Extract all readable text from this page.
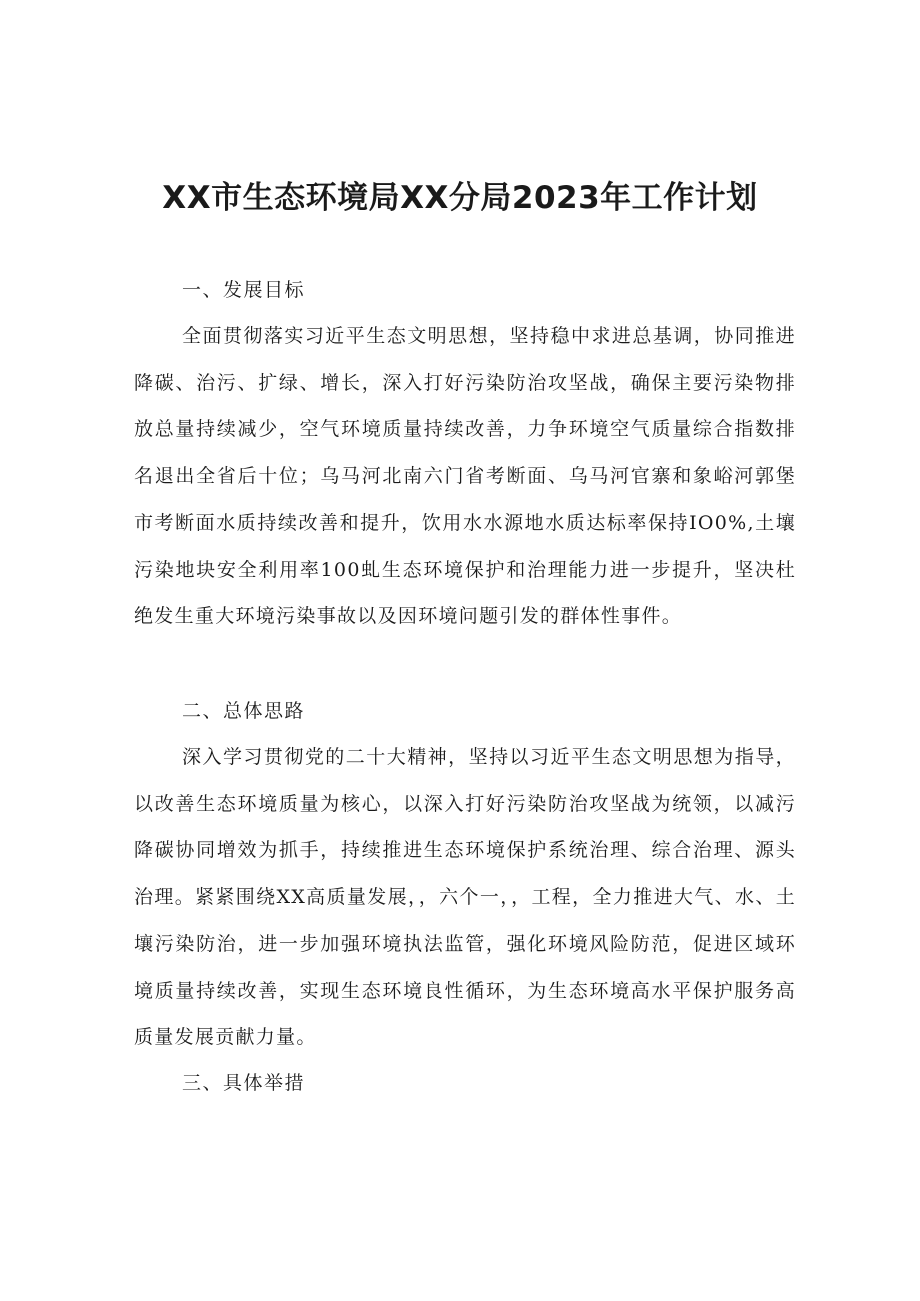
XX市生态环境局XX分局2023年工作计划

一、发展目标

全面贯彻落实习近平生态文明思想，坚持稳中求进总基调，协同推进降碳、治污、扩绿、增长，深入打好污染防治攻坚战，确保主要污染物排放总量持续减少，空气环境质量持续改善，力争环境空气质量综合指数排名退出全省后十位；乌马河北南六门省考断面、乌马河官寨和象峪河郭堡市考断面水质持续改善和提升，饮用水水源地水质达标率保持IO0%,土壤污染地块安全利用率100虬生态环境保护和治理能力进一步提升，坚决杜绝发生重大环境污染事故以及因环境问题引发的群体性事件。

二、总体思路

深入学习贯彻党的二十大精神，坚持以习近平生态文明思想为指导，以改善生态环境质量为核心，以深入打好污染防治攻坚战为统领，以减污降碳协同增效为抓手，持续推进生态环境保护系统治理、综合治理、源头治理。紧紧围绕XX高质量发展，，六个一，，工程，全力推进大气、水、土壤污染防治，进一步加强环境执法监管，强化环境风险防范，促进区域环境质量持续改善，实现生态环境良性循环，为生态环境高水平保护服务高质量发展贡献力量。

三、具体举措
